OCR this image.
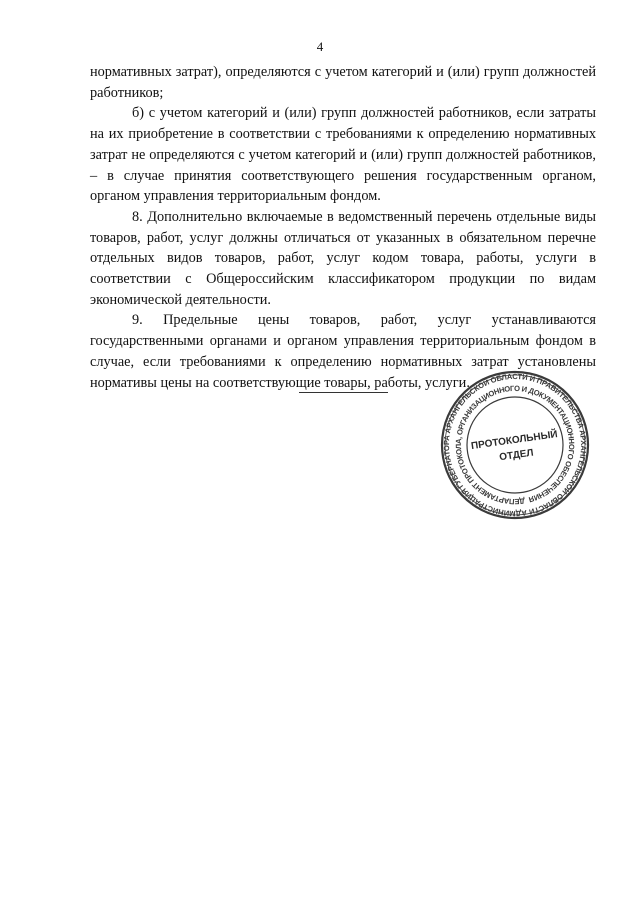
4

нормативных затрат), определяются с учетом категорий и (или) групп должностей работников;

б) с учетом категорий и (или) групп должностей работников, если затраты на их приобретение в соответствии с требованиями к определению нормативных затрат не определяются с учетом категорий и (или) групп должностей работников, – в случае принятия соответствующего решения государственным органом, органом управления территориальным фондом.

8. Дополнительно включаемые в ведомственный перечень отдельные виды товаров, работ, услуг должны отличаться от указанных в обязательном перечне отдельных видов товаров, работ, услуг кодом товара, работы, услуги в соответствии с Общероссийским классификатором продукции по видам экономической деятельности.

9. Предельные цены товаров, работ, услуг устанавливаются государственными органами и органом управления территориальным фондом в случае, если требованиями к определению нормативных затрат установлены нормативы цены на соответствующие товары, работы, услуги.

АДМИНИСТРАЦИЯ ГУБЕРНАТОРА АРХАНГЕЛЬСКОЙ ОБЛАСТИ И ПРАВИТЕЛЬСТВА АРХАНГЕЛЬСКОЙ ОБЛАСТИ
ДЕПАРТАМЕНТ ПРОТОКОЛА, ОРГАНИЗАЦИОННОГО И ДОКУМЕНТАЦИОННОГО ОБЕСПЕЧЕНИЯ
ПРОТОКОЛЬНЫЙ
ОТДЕЛ
